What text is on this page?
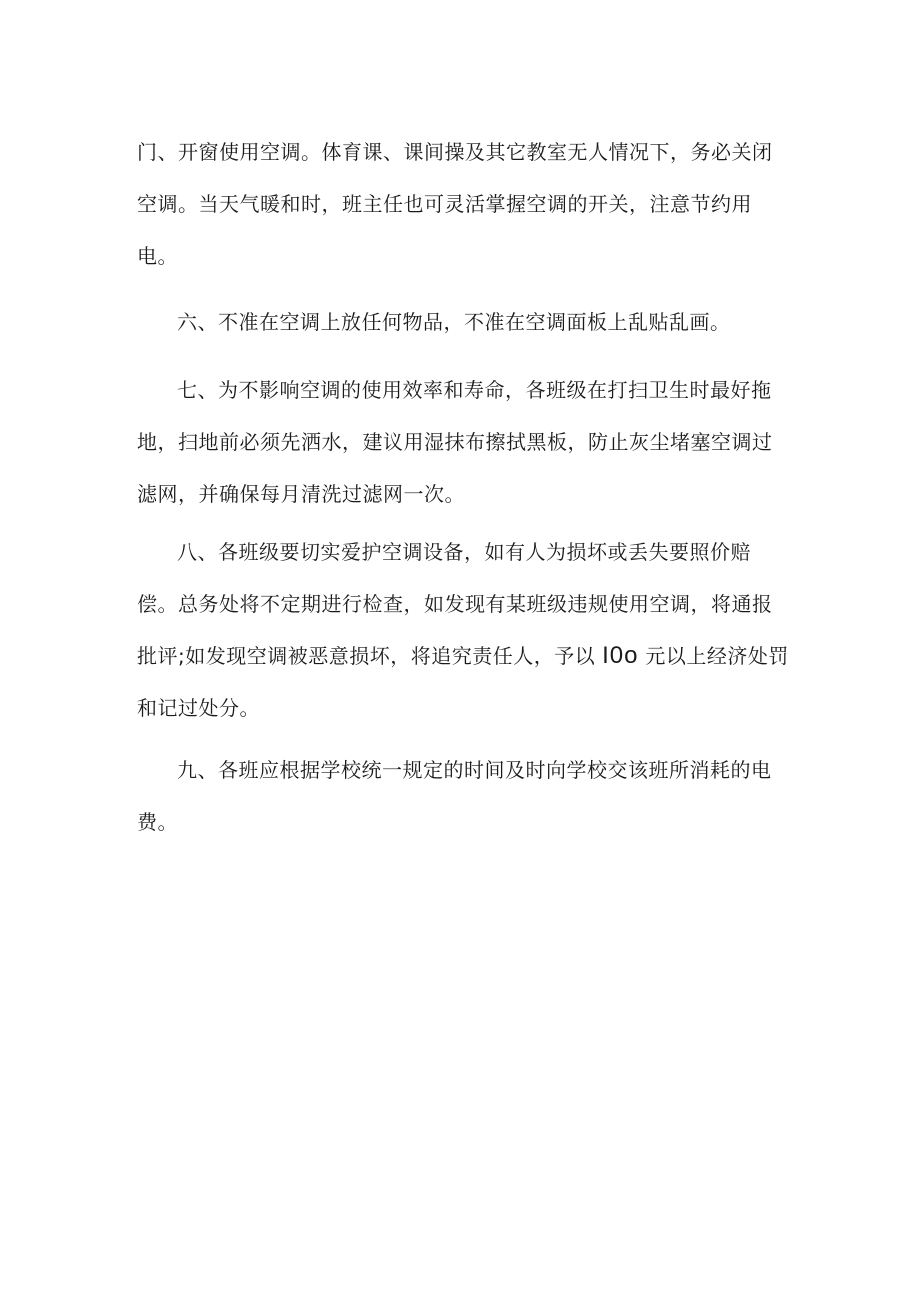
门、开窗使用空调。体育课、课间操及其它教室无人情况下，务必关闭
空调。当天气暖和时，班主任也可灵活掌握空调的开关，注意节约用
电。
六、不准在空调上放任何物品，不准在空调面板上乱贴乱画。
七、为不影响空调的使用效率和寿命，各班级在打扫卫生时最好拖
地，扫地前必须先洒水，建议用湿抹布擦拭黑板，防止灰尘堵塞空调过
滤网，并确保每月清洗过滤网一次。
八、各班级要切实爱护空调设备，如有人为损坏或丢失要照价赔
偿。总务处将不定期进行检查，如发现有某班级违规使用空调，将通报
批评;如发现空调被恶意损坏，将追究责任人，予以 I0o 元以上经济处罚
和记过处分。
九、各班应根据学校统一规定的时间及时向学校交该班所消耗的电
费。
